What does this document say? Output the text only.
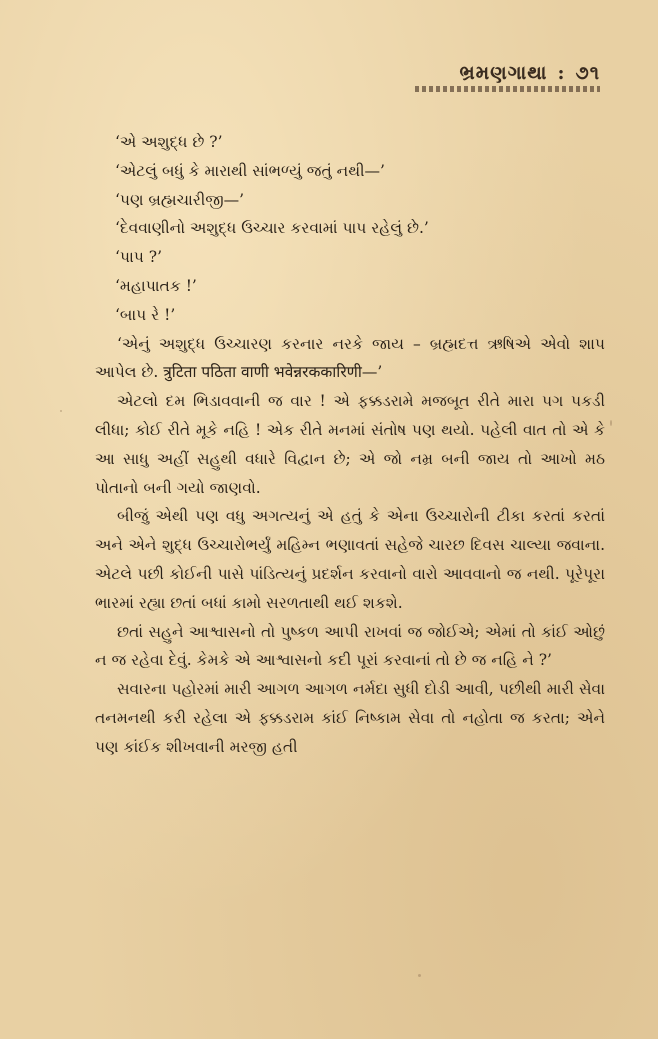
ભ્રમણગાથા : ૭૧

‘એ અશુદ્ધ છે ?’

‘એટલું બધું કે મારાથી સાંભળ્યું જતું નથી—’

‘પણ બ્રહ્મચારીજી—’

‘દેવવાણીનો અશુદ્ધ ઉચ્ચાર કરવામાં પાપ રહેલું છે.’

‘પાપ ?’

‘મહાપાતક !’

‘બાપ રે !’

‘એનું અશુદ્ધ ઉચ્ચારણ કરનાર નરકે જાય – બ્રહ્મદત્ત ઋષિએ એવો શાપ આપેલ છે. त्रुटिता पठिता वाणी भवेन्नरककारिणी—’

એટલો દમ ભિડાવવાની જ વાર ! એ ફક્કડરામે મજબૂત રીતે મારા પગ પકડી લીધા; કોઈ રીતે મૂકે નહિ ! એક રીતે મનમાં સંતોષ પણ થયો. પહેલી વાત તો એ કે આ સાધુ અહીં સહુથી વધારે વિદ્વાન છે; એ જો નમ્ર બની જાય તો આખો મઠ પોતાનો બની ગયો જાણવો.

બીજું એથી પણ વધુ અગત્યનું એ હતું કે એના ઉચ્ચારોની ટીકા કરતાં કરતાં અને એને શુદ્ધ ઉચ્ચારોભર્યું મહિમ્ન ભણાવતાં સહેજે ચારછ દિવસ ચાલ્યા જવાના. એટલે પછી કોઈની પાસે પાંડિત્યનું પ્રદર્શન કરવાનો વારો આવવાનો જ નથી. પૂરેપૂરા ભારમાં રહ્યા છતાં બધાં કામો સરળતાથી થઈ શકશે.

છતાં સહુને આશ્વાસનો તો પુષ્કળ આપી રાખવાં જ જોઈએ; એમાં તો કાંઈ ઓછું ન જ રહેવા દેવું. કેમકે એ આશ્વાસનો કદી પૂરાં કરવાનાં તો છે જ નહિ ને ?’

સવારના પહોરમાં મારી આગળ આગળ નર્મદા સુધી દોડી આવી, પછીથી મારી સેવા તનમનથી કરી રહેલા એ ફક્કડરામ કાંઈ નિષ્કામ સેવા તો નહોતા જ કરતા; એને પણ કાંઈક શીખવાની મરજી હતી
